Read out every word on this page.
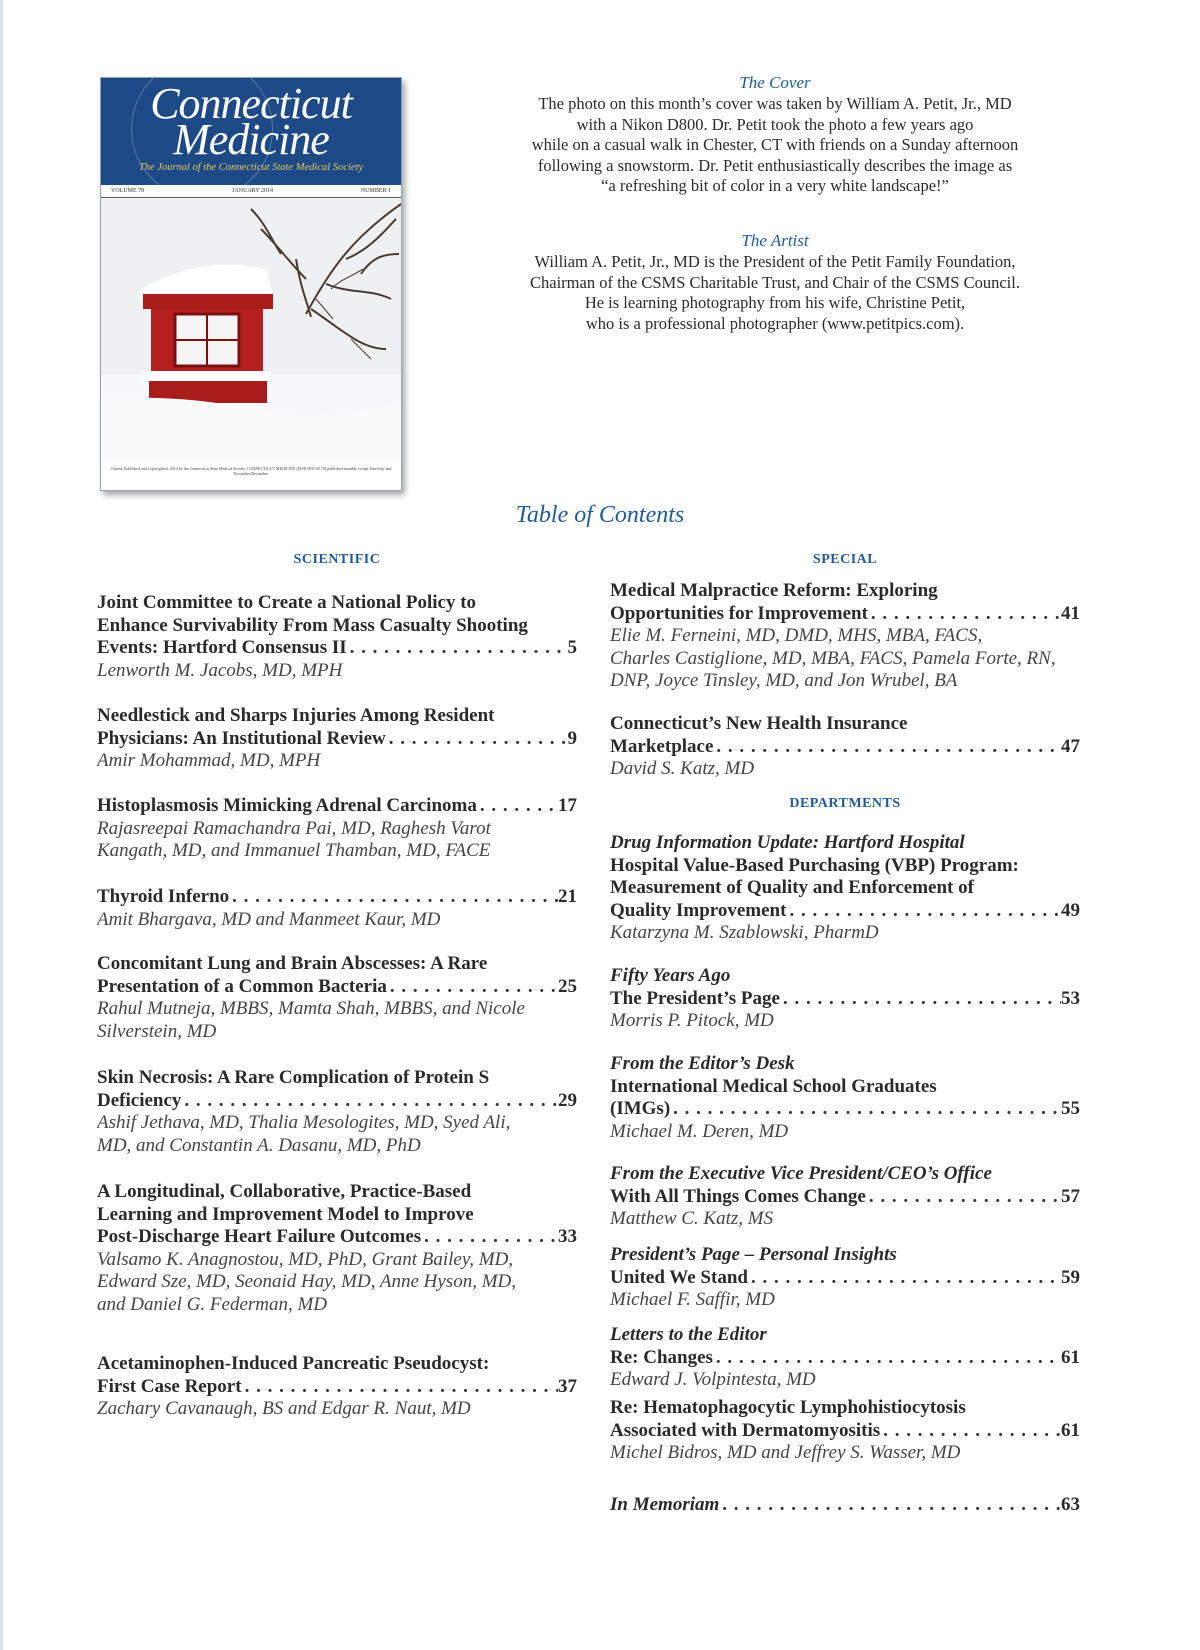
Connecticut
Medicine
The Journal of the Connecticut State Medical Society
VOLUME 78	JANUARY 2014	NUMBER 1
Owned, Published and Copyrighted, 2014 by the Connecticut State Medical Society. CONNECTICUT MEDICINE (ISSN 0010-6178) published monthly except June/July and November/December.
The Cover
The photo on this month’s cover was taken by William A. Petit, Jr., MD
with a Nikon D800. Dr. Petit took the photo a few years ago
while on a casual walk in Chester, CT with friends on a Sunday afternoon
following a snowstorm. Dr. Petit enthusiastically describes the image as
“a refreshing bit of color in a very white landscape!”
The Artist
William A. Petit, Jr., MD is the President of the Petit Family Foundation,
Chairman of the CSMS Charitable Trust, and Chair of the CSMS Council.
He is learning photography from his wife, Christine Petit,
who is a professional photographer (www.petitpics.com).
Table of Contents
SCIENTIFIC
Joint Committee to Create a National Policy to
Enhance Survivability From Mass Casualty Shooting
Events: Hartford Consensus II . . .	5
Lenworth M. Jacobs, MD, MPH
Needlestick and Sharps Injuries Among Resident
Physicians: An Institutional Review . . .	9
Amir Mohammad, MD, MPH
Histoplasmosis Mimicking Adrenal Carcinoma . . .	17
Rajasreepai Ramachandra Pai, MD, Raghesh Varot
Kangath, MD, and Immanuel Thamban, MD, FACE
Thyroid Inferno . . .	21
Amit Bhargava, MD and Manmeet Kaur, MD
Concomitant Lung and Brain Abscesses: A Rare
Presentation of a Common Bacteria . . .	25
Rahul Mutneja, MBBS, Mamta Shah, MBBS, and Nicole
Silverstein, MD
Skin Necrosis: A Rare Complication of Protein S
Deficiency . . .	29
Ashif Jethava, MD, Thalia Mesologites, MD, Syed Ali,
MD, and Constantin A. Dasanu, MD, PhD
A Longitudinal, Collaborative, Practice-Based
Learning and Improvement Model to Improve
Post-Discharge Heart Failure Outcomes . . .	33
Valsamo K. Anagnostou, MD, PhD, Grant Bailey, MD,
Edward Sze, MD, Seonaid Hay, MD, Anne Hyson, MD,
and Daniel G. Federman, MD
Acetaminophen-Induced Pancreatic Pseudocyst:
First Case Report . . .	37
Zachary Cavanaugh, BS and Edgar R. Naut, MD
SPECIAL
Medical Malpractice Reform: Exploring
Opportunities for Improvement . . .	41
Elie M. Ferneini, MD, DMD, MHS, MBA, FACS,
Charles Castiglione, MD, MBA, FACS, Pamela Forte, RN,
DNP, Joyce Tinsley, MD, and Jon Wrubel, BA
Connecticut’s New Health Insurance
Marketplace . . .	47
David S. Katz, MD
DEPARTMENTS
Drug Information Update: Hartford Hospital
Hospital Value-Based Purchasing (VBP) Program:
Measurement of Quality and Enforcement of
Quality Improvement . . .	49
Katarzyna M. Szablowski, PharmD
Fifty Years Ago
The President’s Page . . .	53
Morris P. Pitock, MD
From the Editor’s Desk
International Medical School Graduates
(IMGs) . . .	55
Michael M. Deren, MD
From the Executive Vice President/CEO’s Office
With All Things Comes Change . . .	57
Matthew C. Katz, MS
President’s Page – Personal Insights
United We Stand . . .	59
Michael F. Saffir, MD
Letters to the Editor
Re: Changes . . .	61
Edward J. Volpintesta, MD
Re: Hematophagocytic Lymphohistiocytosis
Associated with Dermatomyositis . . .	61
Michel Bidros, MD and Jeffrey S. Wasser, MD
In Memoriam . . .	63
